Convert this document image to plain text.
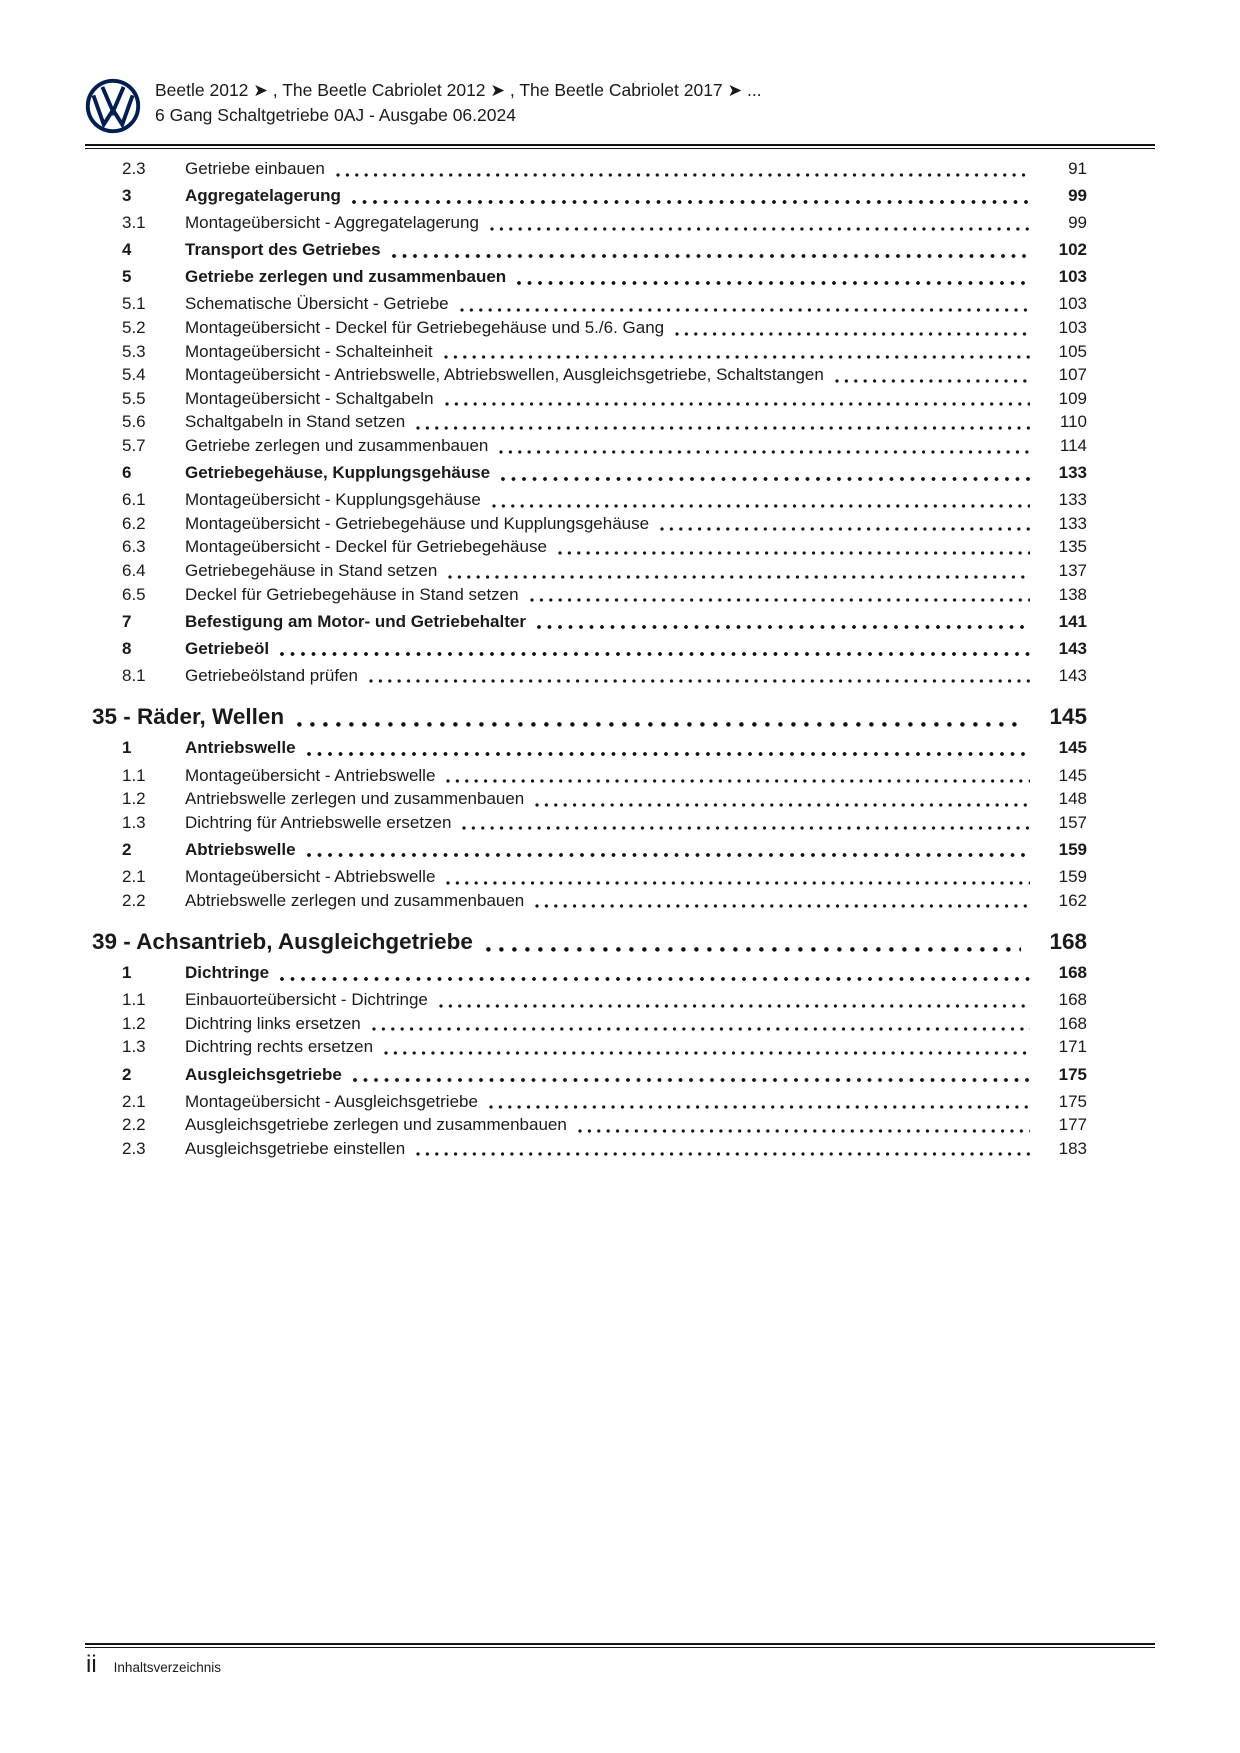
Beetle 2012 ➤ , The Beetle Cabriolet 2012 ➤ , The Beetle Cabriolet 2017 ➤ ...
6 Gang Schaltgetriebe 0AJ - Ausgabe 06.2024
2.3	Getriebe einbauen	91
3	Aggregatelagerung	99
3.1	Montageübersicht - Aggregatelagerung	99
4	Transport des Getriebes	102
5	Getriebe zerlegen und zusammenbauen	103
5.1	Schematische Übersicht - Getriebe	103
5.2	Montageübersicht - Deckel für Getriebegehäuse und 5./6. Gang	103
5.3	Montageübersicht - Schalteinheit	105
5.4	Montageübersicht - Antriebswelle, Abtriebswellen, Ausgleichsgetriebe, Schaltstangen	107
5.5	Montageübersicht - Schaltgabeln	109
5.6	Schaltgabeln in Stand setzen	110
5.7	Getriebe zerlegen und zusammenbauen	114
6	Getriebegehäuse, Kupplungsgehäuse	133
6.1	Montageübersicht - Kupplungsgehäuse	133
6.2	Montageübersicht - Getriebegehäuse und Kupplungsgehäuse	133
6.3	Montageübersicht - Deckel für Getriebegehäuse	135
6.4	Getriebegehäuse in Stand setzen	137
6.5	Deckel für Getriebegehäuse in Stand setzen	138
7	Befestigung am Motor- und Getriebehalter	141
8	Getriebeöl	143
8.1	Getriebeölstand prüfen	143
35 - Räder, Wellen	145
1	Antriebswelle	145
1.1	Montageübersicht - Antriebswelle	145
1.2	Antriebswelle zerlegen und zusammenbauen	148
1.3	Dichtring für Antriebswelle ersetzen	157
2	Abtriebswelle	159
2.1	Montageübersicht - Abtriebswelle	159
2.2	Abtriebswelle zerlegen und zusammenbauen	162
39 - Achsantrieb, Ausgleichgetriebe	168
1	Dichtringe	168
1.1	Einbauorteübersicht - Dichtringe	168
1.2	Dichtring links ersetzen	168
1.3	Dichtring rechts ersetzen	171
2	Ausgleichsgetriebe	175
2.1	Montageübersicht - Ausgleichsgetriebe	175
2.2	Ausgleichsgetriebe zerlegen und zusammenbauen	177
2.3	Ausgleichsgetriebe einstellen	183
ii Inhaltsverzeichnis
